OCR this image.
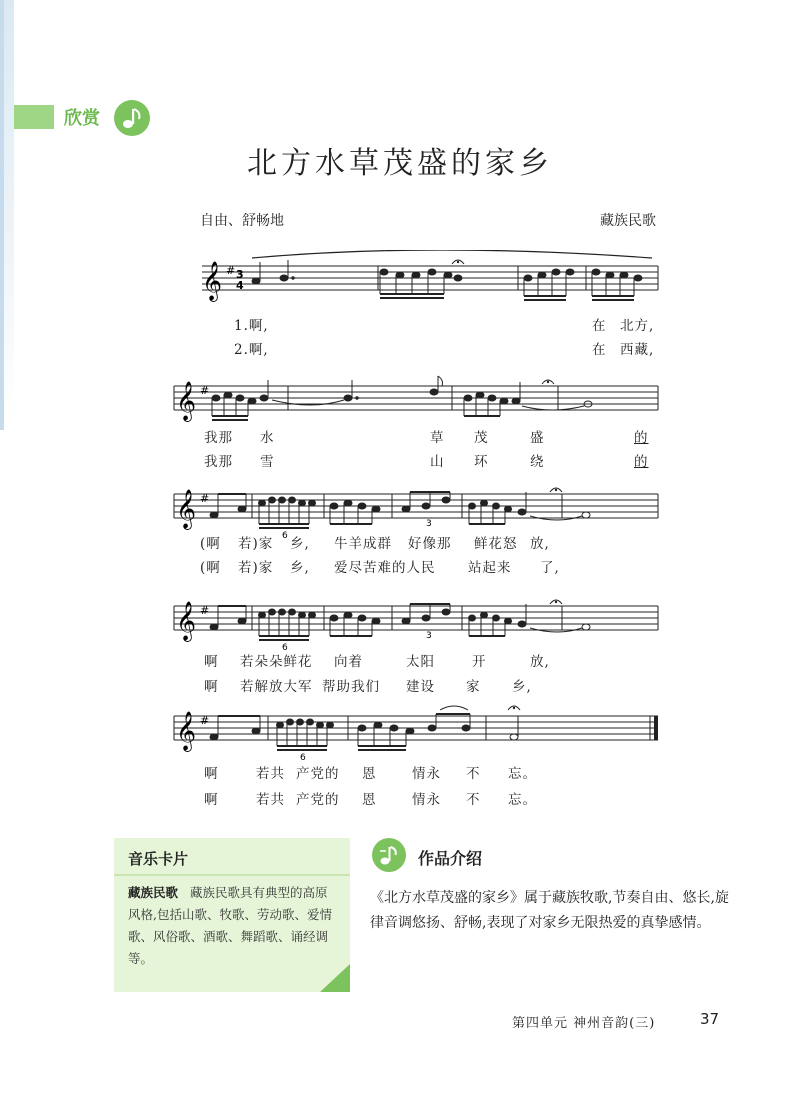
欣赏
北方水草茂盛的家乡
自由、舒畅地	藏族民歌
𝄞 # 3
4
1.啊,	在 北方,
2.啊,	在 西藏,
𝄞 #
我那 水	草 茂	盛	的
我那 雪	山 环	绕	的
𝄞 #
6
3
(啊 若)家 乡, 牛羊成群 好像那 鲜花怒 放,
(啊 若)家 乡, 爱尽苦难的人民 站起来 了,
𝄞 #
6
3
啊 若朵朵鲜花 向着	太阳	开	放,
啊 若解放大军 帮助我们 建设 家 乡,
𝄞 #
6
啊	若共 产党的 恩	情永 不 忘。
啊	若共 产党的 恩	情永 不 忘。
音乐卡片
藏族民歌 藏族民歌具有典型的高原风格,包括山歌、牧歌、劳动歌、爱情歌、风俗歌、酒歌、舞蹈歌、诵经调等。
作品介绍
《北方水草茂盛的家乡》属于藏族牧歌,节奏自由、悠长,旋律音调悠扬、舒畅,表现了对家乡无限热爱的真挚感情。
第四单元 神州音韵(三)	37
